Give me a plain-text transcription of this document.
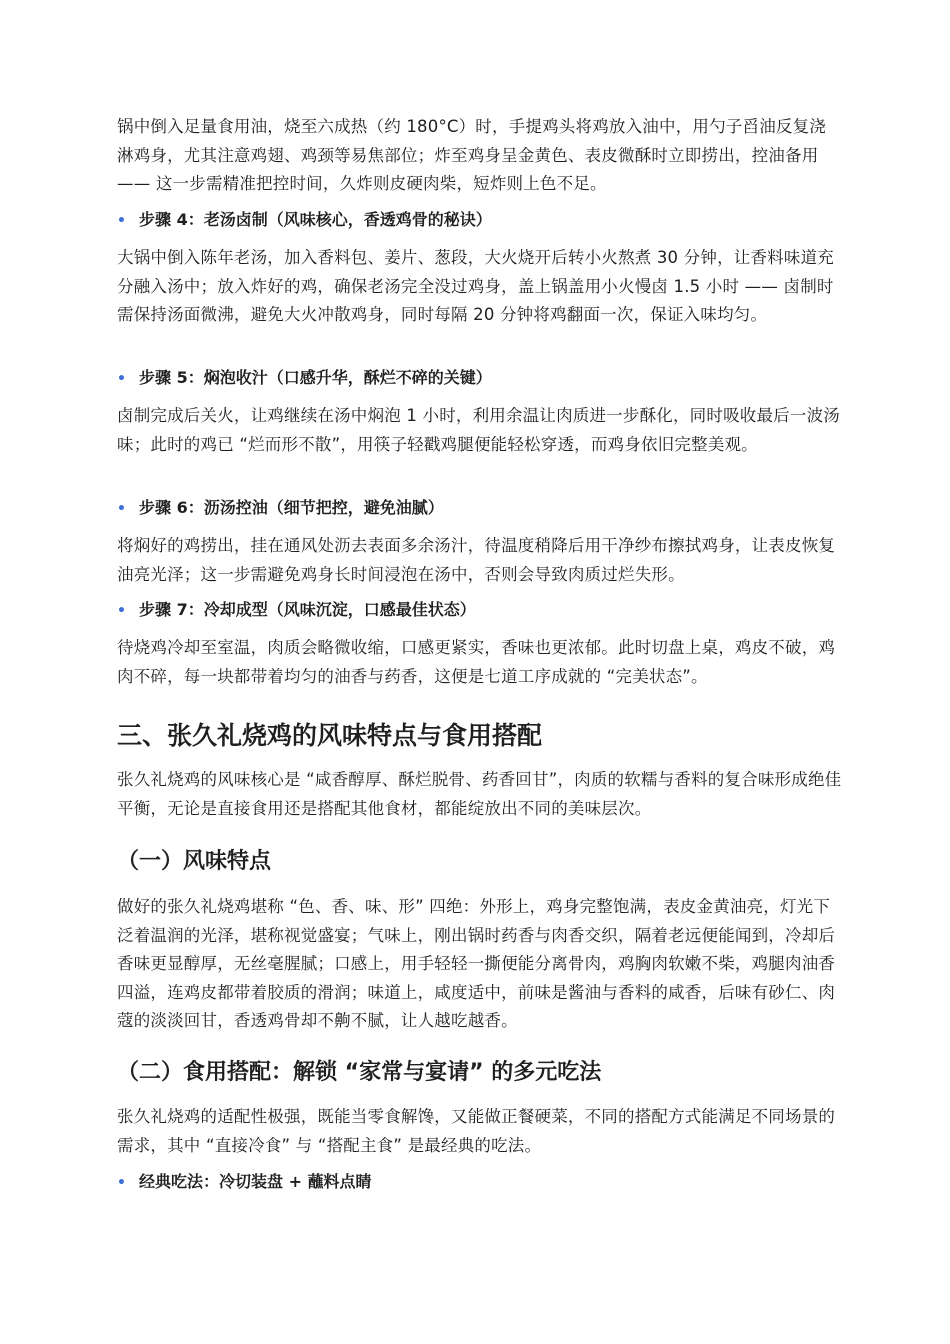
锅中倒入足量食用油，烧至六成热（约 180°C）时，手提鸡头将鸡放入油中，用勺子舀油反复浇淋鸡身，尤其注意鸡翅、鸡颈等易焦部位；炸至鸡身呈金黄色、表皮微酥时立即捞出，控油备用 —— 这一步需精准把控时间，久炸则皮硬肉柴，短炸则上色不足。

• 步骤 4：老汤卤制（风味核心，香透鸡骨的秘诀）

大锅中倒入陈年老汤，加入香料包、姜片、葱段，大火烧开后转小火熬煮 30 分钟，让香料味道充分融入汤中；放入炸好的鸡，确保老汤完全没过鸡身，盖上锅盖用小火慢卤 1.5 小时 —— 卤制时需保持汤面微沸，避免大火冲散鸡身，同时每隔 20 分钟将鸡翻面一次，保证入味均匀。

• 步骤 5：焖泡收汁（口感升华，酥烂不碎的关键）

卤制完成后关火，让鸡继续在汤中焖泡 1 小时，利用余温让肉质进一步酥化，同时吸收最后一波汤味；此时的鸡已 “烂而形不散”，用筷子轻戳鸡腿便能轻松穿透，而鸡身依旧完整美观。

• 步骤 6：沥汤控油（细节把控，避免油腻）

将焖好的鸡捞出，挂在通风处沥去表面多余汤汁，待温度稍降后用干净纱布擦拭鸡身，让表皮恢复油亮光泽；这一步需避免鸡身长时间浸泡在汤中，否则会导致肉质过烂失形。

• 步骤 7：冷却成型（风味沉淀，口感最佳状态）

待烧鸡冷却至室温，肉质会略微收缩，口感更紧实，香味也更浓郁。此时切盘上桌，鸡皮不破，鸡肉不碎，每一块都带着均匀的油香与药香，这便是七道工序成就的 “完美状态”。

三、张久礼烧鸡的风味特点与食用搭配

张久礼烧鸡的风味核心是 “咸香醇厚、酥烂脱骨、药香回甘”，肉质的软糯与香料的复合味形成绝佳平衡，无论是直接食用还是搭配其他食材，都能绽放出不同的美味层次。

（一）风味特点

做好的张久礼烧鸡堪称 “色、香、味、形” 四绝：外形上，鸡身完整饱满，表皮金黄油亮，灯光下泛着温润的光泽，堪称视觉盛宴；气味上，刚出锅时药香与肉香交织，隔着老远便能闻到，冷却后香味更显醇厚，无丝毫腥腻；口感上，用手轻轻一撕便能分离骨肉，鸡胸肉软嫩不柴，鸡腿肉油香四溢，连鸡皮都带着胶质的滑润；味道上，咸度适中，前味是酱油与香料的咸香，后味有砂仁、肉蔻的淡淡回甘，香透鸡骨却不齁不腻，让人越吃越香。

（二）食用搭配：解锁 “家常与宴请” 的多元吃法

张久礼烧鸡的适配性极强，既能当零食解馋，又能做正餐硬菜，不同的搭配方式能满足不同场景的需求，其中 “直接冷食” 与 “搭配主食” 是最经典的吃法。

• 经典吃法：冷切装盘 + 蘸料点睛
